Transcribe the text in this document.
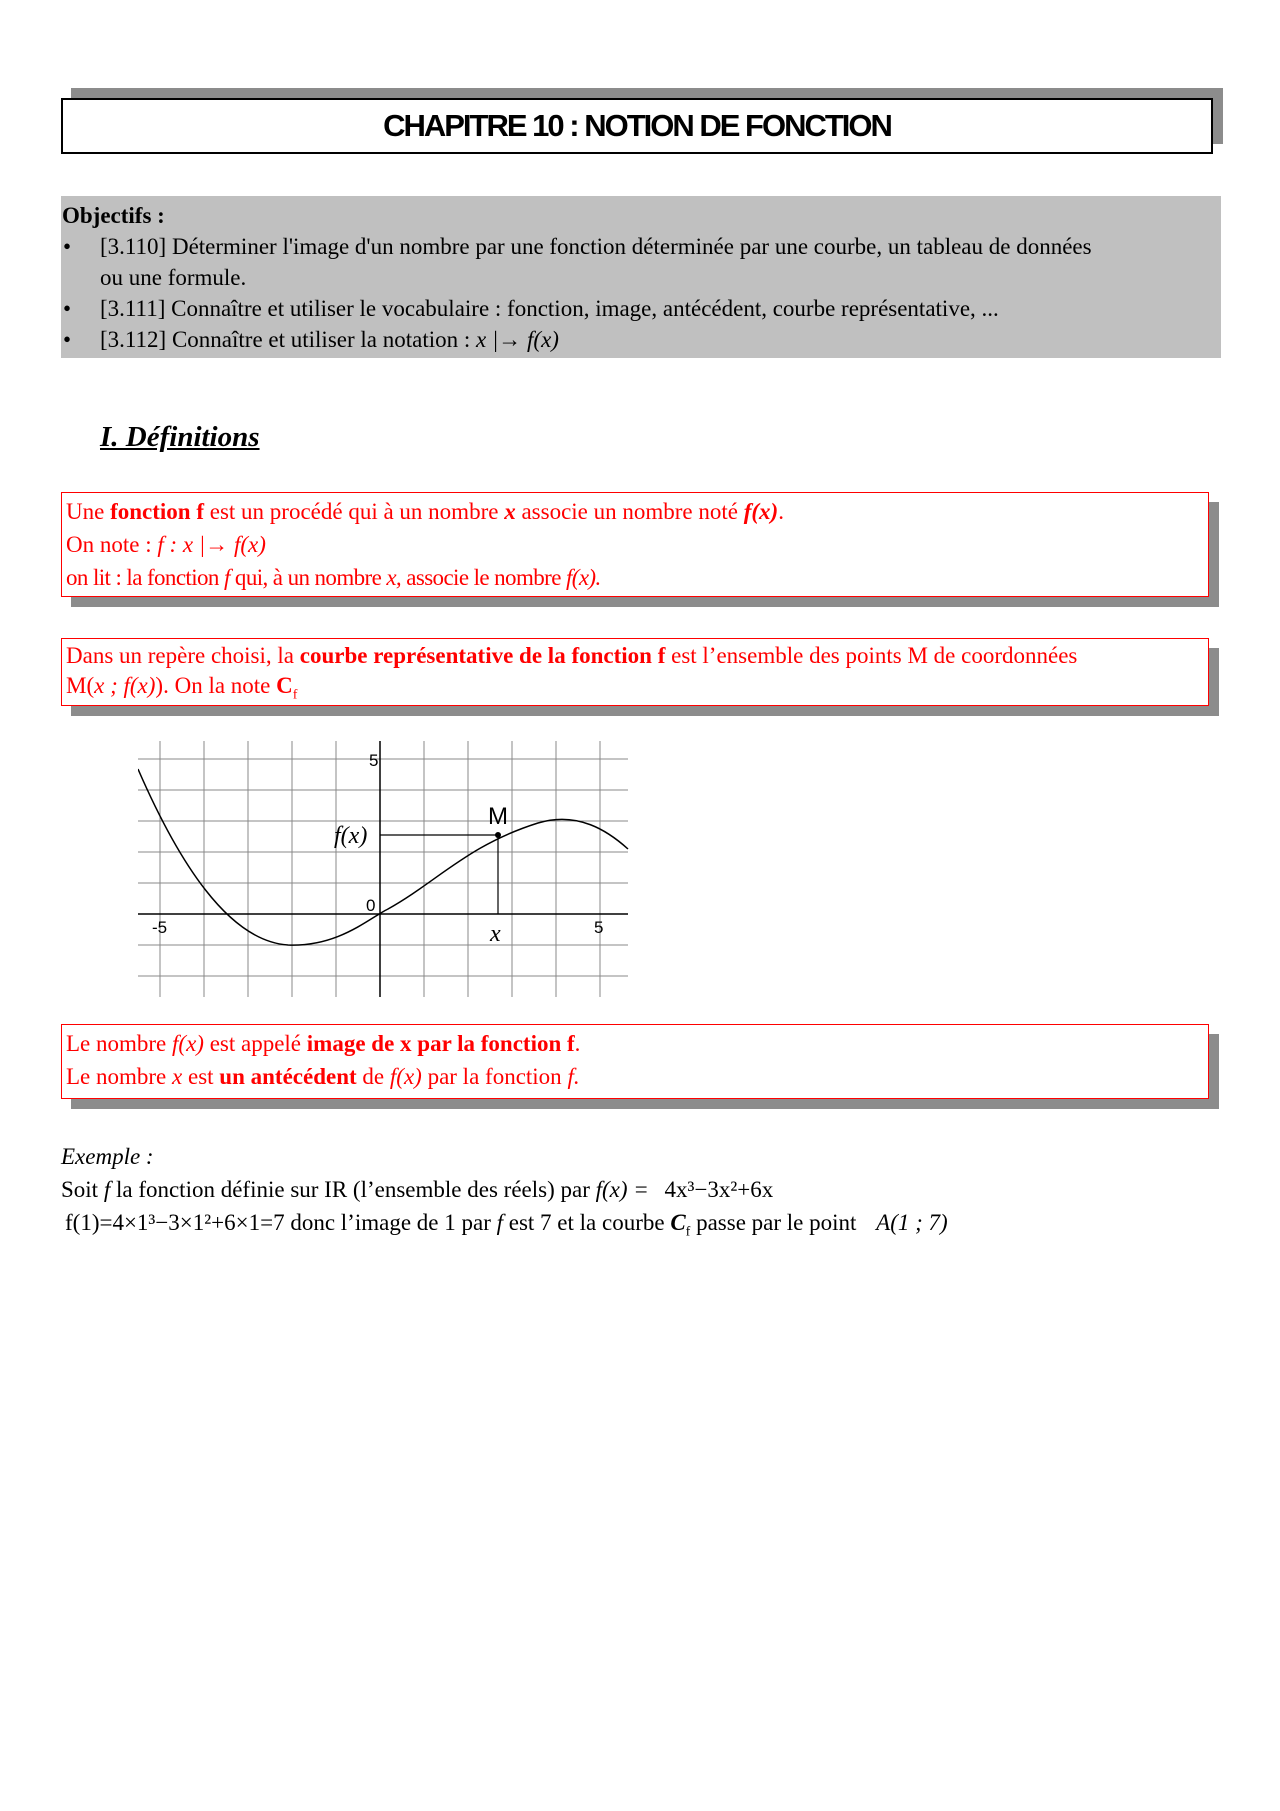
CHAPITRE 10 : NOTION DE FONCTION
Objectifs :
• [3.110] Déterminer l'image d'un nombre par une fonction déterminée par une courbe, un tableau de données
ou une formule.
• [3.111] Connaître et utiliser le vocabulaire : fonction, image, antécédent, courbe représentative, ...
• [3.112] Connaître et utiliser la notation : x |→ f(x)
I. Définitions
Une fonction f est un procédé qui à un nombre x associe un nombre noté f(x).
On note : f : x |→ f(x)
on lit : la fonction f qui, à un nombre x, associe le nombre f(x).
Dans un repère choisi, la courbe représentative de la fonction f est l’ensemble des points M de coordonnées
M(x ; f(x)). On la note $C_f$
5
-5	5
0
f(x)
x
M
Le nombre f(x) est appelé image de x par la fonction f.
Le nombre x est un antécédent de f(x) par la fonction f.
Exemple :
Soit f la fonction définie sur IR (l’ensemble des réels) par f(x) = 4x³−3x²+6x
f(1)=4×1³−3×1²+6×1=7 donc l’image de 1 par f est 7 et la courbe $C_f$ passe par le point A(1 ; 7)
